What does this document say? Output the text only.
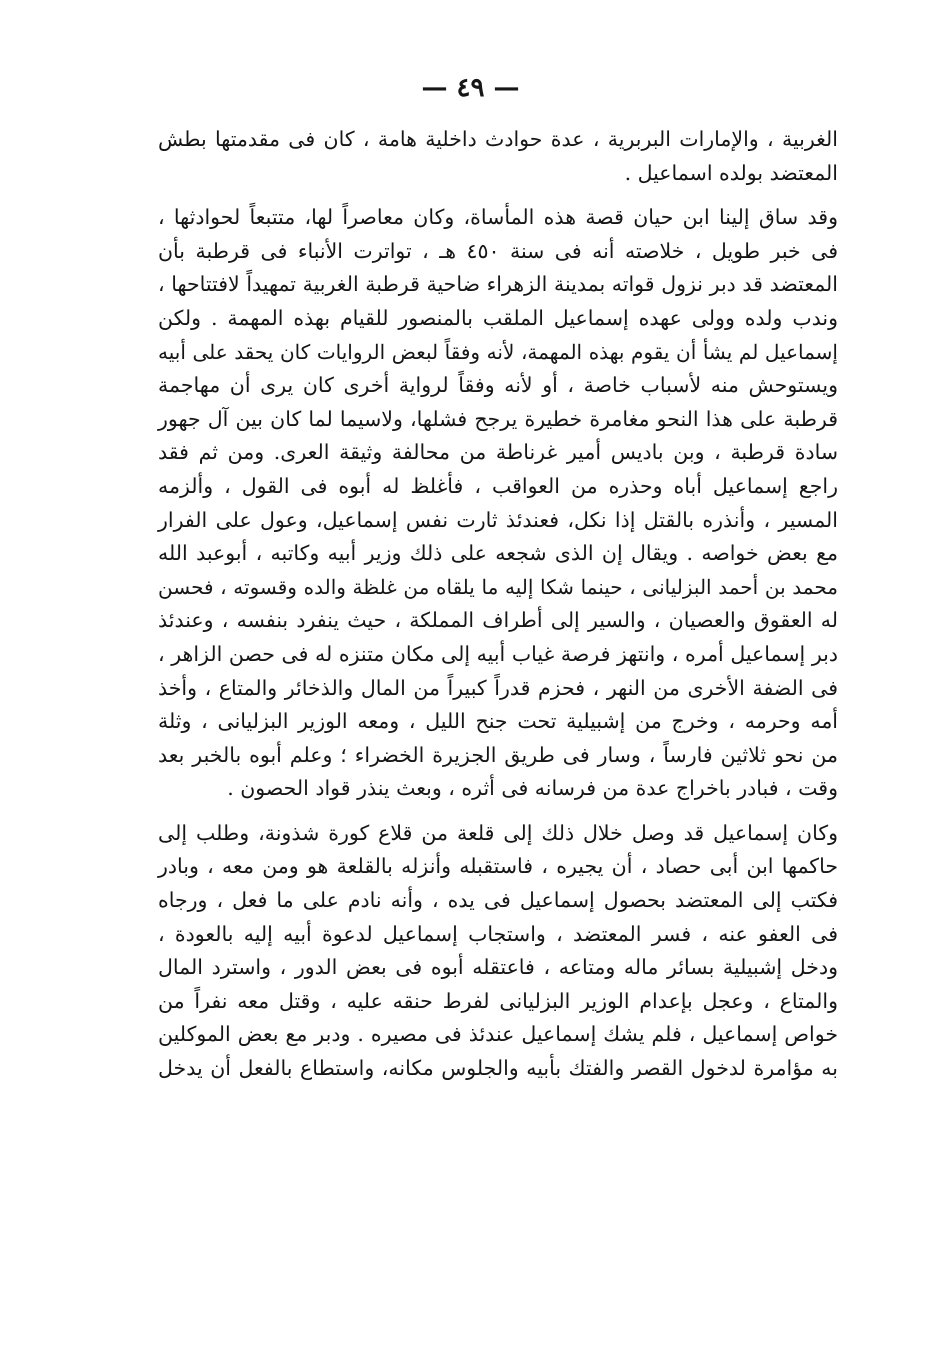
— ٤٩ —

الغربية ، والإمارات البربرية ، عدة حوادث داخلية هامة ، كان فى مقدمتها بطش
المعتضد بولده اسماعيل .

وقد ساق إلينا ابن حيان قصة هذه المأساة، وكان معاصراً لها، متتبعاً لحوادثها ،
فى خبر طويل ، خلاصته أنه فى سنة ٤٥٠ هـ ، تواترت الأنباء فى قرطبة بأن
المعتضد قد دبر نزول قواته بمدينة الزهراء ضاحية قرطبة الغربية تمهيداً لافتتاحها ،
وندب ولده وولى عهده إسماعيل الملقب بالمنصور للقيام بهذه المهمة . ولكن
إسماعيل لم يشأ أن يقوم بهذه المهمة، لأنه وفقاً لبعض الروايات كان يحقد على أبيه
ويستوحش منه لأسباب خاصة ، أو لأنه وفقاً لرواية أخرى كان يرى أن مهاجمة
قرطبة على هذا النحو مغامرة خطيرة يرجح فشلها، ولاسيما لما كان بين آل جهور
سادة قرطبة ، وبن باديس أمير غرناطة من محالفة وثيقة العرى. ومن ثم فقد
راجع إسماعيل أباه وحذره من العواقب ، فأغلظ له أبوه فى القول ، وألزمه
المسير ، وأنذره بالقتل إذا نكل، فعندئذ ثارت نفس إسماعيل، وعول على الفرار
مع بعض خواصه . ويقال إن الذى شجعه على ذلك وزير أبيه وكاتبه ، أبوعبد الله
محمد بن أحمد البزليانى ، حينما شكا إليه ما يلقاه من غلظة والده وقسوته ، فحسن
له العقوق والعصيان ، والسير إلى أطراف المملكة ، حيث ينفرد بنفسه ، وعندئذ
دبر إسماعيل أمره ، وانتهز فرصة غياب أبيه إلى مكان متنزه له فى حصن الزاهر ،
فى الضفة الأخرى من النهر ، فحزم قدراً كبيراً من المال والذخائر والمتاع ، وأخذ
أمه وحرمه ، وخرج من إشبيلية تحت جنح الليل ، ومعه الوزير البزليانى ، وثلة
من نحو ثلاثين فارساً ، وسار فى طريق الجزيرة الخضراء ؛ وعلم أبوه بالخبر بعد
وقت ، فبادر باخراج عدة من فرسانه فى أثره ، وبعث ينذر قواد الحصون .

وكان إسماعيل قد وصل خلال ذلك إلى قلعة من قلاع كورة شذونة، وطلب إلى
حاكمها ابن أبى حصاد ، أن يجيره ، فاستقبله وأنزله بالقلعة هو ومن معه ، وبادر
فكتب إلى المعتضد بحصول إسماعيل فى يده ، وأنه نادم على ما فعل ، ورجاه
فى العفو عنه ، فسر المعتضد ، واستجاب إسماعيل لدعوة أبيه إليه بالعودة ،
ودخل إشبيلية بسائر ماله ومتاعه ، فاعتقله أبوه فى بعض الدور ، واسترد المال
والمتاع ، وعجل بإعدام الوزير البزليانى لفرط حنقه عليه ، وقتل معه نفراً من
خواص إسماعيل ، فلم يشك إسماعيل عندئذ فى مصيره . ودبر مع بعض الموكلين
به مؤامرة لدخول القصر والفتك بأبيه والجلوس مكانه، واستطاع بالفعل أن يدخل
